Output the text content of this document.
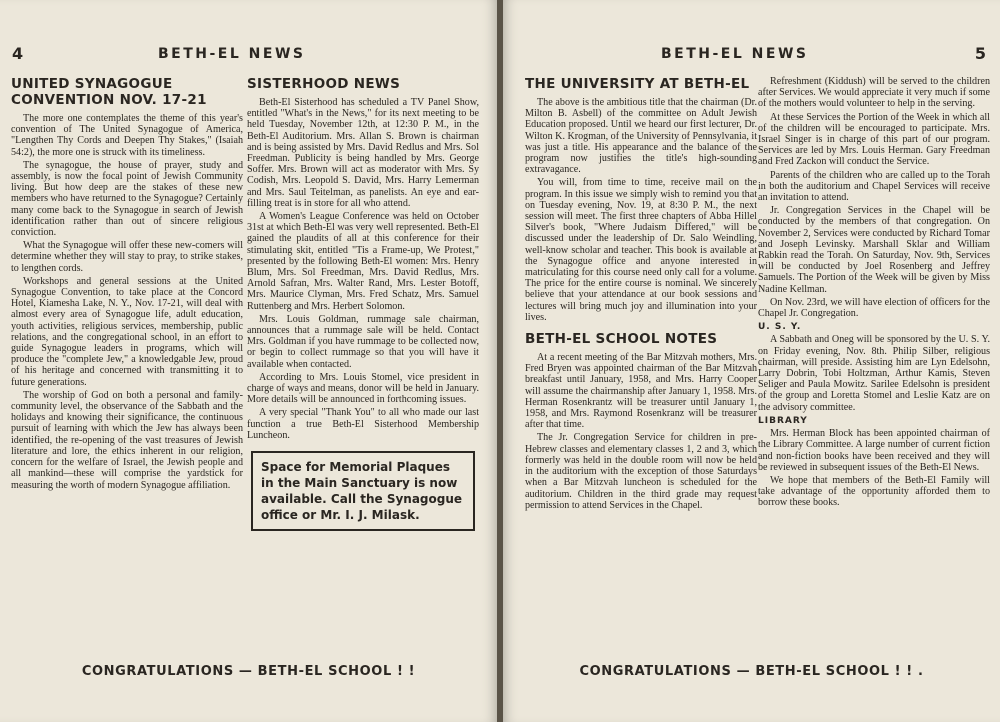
4	BETH-EL NEWS
UNITED SYNAGOGUE CONVENTION NOV. 17-21

The more one contemplates the theme of this year's convention of The United Synagogue of America, "Lengthen Thy Cords and Deepen Thy Stakes," (Isaiah 54:2), the more one is struck with its timeliness.

The synagogue, the house of prayer, study and assembly, is now the focal point of Jewish Community living. But how deep are the stakes of these new members who have returned to the Synagogue? Certainly many come back to the Synagogue in search of Jewish identification rather than out of sincere religious conviction.

What the Synagogue will offer these new-comers will determine whether they will stay to pray, to strike stakes, to lengthen cords.

Workshops and general sessions at the United Synagogue Convention, to take place at the Concord Hotel, Kiamesha Lake, N. Y., Nov. 17-21, will deal with almost every area of Synagogue life, adult education, youth activities, religious services, membership, public relations, and the congregational school, in an effort to guide Synagogue leaders in programs, which will produce the "complete Jew," a knowledgable Jew, proud of his heritage and concerned with transmitting it to future generations.

The worship of God on both a personal and family-community level, the observance of the Sabbath and the holidays and knowing their significance, the continuous pursuit of learning with which the Jew has always been identified, the re-opening of the vast treasures of Jewish literature and lore, the ethics inherent in our religion, concern for the welfare of Israel, the Jewish people and all mankind—these will comprise the yardstick for measuring the worth of modern Synagogue affiliation.

SISTERHOOD NEWS

Beth-El Sisterhood has scheduled a TV Panel Show, entitled "What's in the News," for its next meeting to be held Tuesday, November 12th, at 12:30 P. M., in the Beth-El Auditorium. Mrs. Allan S. Brown is chairman and is being assisted by Mrs. David Redlus and Mrs. Sol Freedman. Publicity is being handled by Mrs. George Soffer. Mrs. Brown will act as moderator with Mrs. Sy Codish, Mrs. Leopold S. David, Mrs. Harry Lemerman and Mrs. Saul Teitelman, as panelists. An eye and ear-filling treat is in store for all who attend.

A Women's League Conference was held on October 31st at which Beth-El was very well represented. Beth-El gained the plaudits of all at this conference for their stimulating skit, entitled "Tis a Frame-up, We Protest," presented by the following Beth-El women: Mrs. Henry Blum, Mrs. Sol Freedman, Mrs. David Redlus, Mrs. Arnold Safran, Mrs. Walter Rand, Mrs. Lester Botoff, Mrs. Maurice Clyman, Mrs. Fred Schatz, Mrs. Samuel Ruttenberg and Mrs. Herbert Solomon.

Mrs. Louis Goldman, rummage sale chairman, announces that a rummage sale will be held. Contact Mrs. Goldman if you have rummage to be collected now, or begin to collect rummage so that you will have it available when contacted.

According to Mrs. Louis Stomel, vice president in charge of ways and means, donor will be held in January. More details will be announced in forthcoming issues.

A very special "Thank You" to all who made our last function a true Beth-El Sisterhood Membership Luncheon.

Space for Memorial Plaques in the Main Sanctuary is now available. Call the Synagogue office or Mr. I. J. Milask.
CONGRATULATIONS — BETH-EL SCHOOL ! !
BETH-EL NEWS	5
THE UNIVERSITY AT BETH-EL

The above is the ambitious title that the chairman (Dr. Milton B. Asbell) of the committee on Adult Jewish Education proposed. Until we heard our first lecturer, Dr. Wilton K. Krogman, of the University of Pennsylvania, it was just a title. His appearance and the balance of the program now justifies the title's high-sounding extravagance.

You will, from time to time, receive mail on the program. In this issue we simply wish to remind you that on Tuesday evening, Nov. 19, at 8:30 P. M., the next session will meet. The first three chapters of Abba Hillel Silver's book, "Where Judaism Differed," will be discussed under the leadership of Dr. Salo Weindling, well-know scholar and teacher. This book is available at the Synagogue office and anyone interested in matriculating for this course need only call for a volume. The price for the entire course is nominal. We sincerely believe that your attendance at our book sessions and lectures will bring much joy and illumination into your lives.

BETH-EL SCHOOL NOTES

At a recent meeting of the Bar Mitzvah mothers, Mrs. Fred Bryen was appointed chairman of the Bar Mitzvah breakfast until January, 1958, and Mrs. Harry Cooper will assume the chairmanship after January 1, 1958. Mrs. Herman Rosenkrantz will be treasurer until January 1, 1958, and Mrs. Raymond Rosenkranz will be treasurer after that time.

The Jr. Congregation Service for children in pre-Hebrew classes and elementary classes 1, 2 and 3, which formerly was held in the double room will now be held in the auditorium with the exception of those Saturdays when a Bar Mitzvah luncheon is scheduled for the auditorium. Children in the third grade may request permission to attend Services in the Chapel.

Refreshment (Kiddush) will be served to the children after Services. We would appreciate it very much if some of the mothers would volunteer to help in the serving.

At these Services the Portion of the Week in which all of the children will be encouraged to participate. Mrs. Israel Singer is in charge of this part of our program. Services are led by Mrs. Louis Herman. Gary Freedman and Fred Zackon will conduct the Service.

Parents of the children who are called up to the Torah in both the auditorium and Chapel Services will receive an invitation to attend.

Jr. Congregation Services in the Chapel will be conducted by the members of that congregation. On November 2, Services were conducted by Richard Tomar and Joseph Levinsky. Marshall Sklar and William Rabkin read the Torah. On Saturday, Nov. 9th, Services will be conducted by Joel Rosenberg and Jeffrey Samuels. The Portion of the Week will be given by Miss Nadine Kellman.

On Nov. 23rd, we will have election of officers for the Chapel Jr. Congregation.

U. S. Y.

A Sabbath and Oneg will be sponsored by the U. S. Y. on Friday evening, Nov. 8th. Philip Silber, religious chairman, will preside. Assisting him are Lyn Edelsohn, Larry Dobrin, Tobi Holtzman, Arthur Kamis, Steven Seliger and Paula Mowitz. Sarilee Edelsohn is president of the group and Loretta Stomel and Leslie Katz are on the advisory committee.

LIBRARY

Mrs. Herman Block has been appointed chairman of the Library Committee. A large number of current fiction and non-fiction books have been received and they will be reviewed in subsequent issues of the Beth-El News.

We hope that members of the Beth-El Family will take advantage of the opportunity afforded them to borrow these books.

CONGRATULATIONS — BETH-EL SCHOOL ! ! .
